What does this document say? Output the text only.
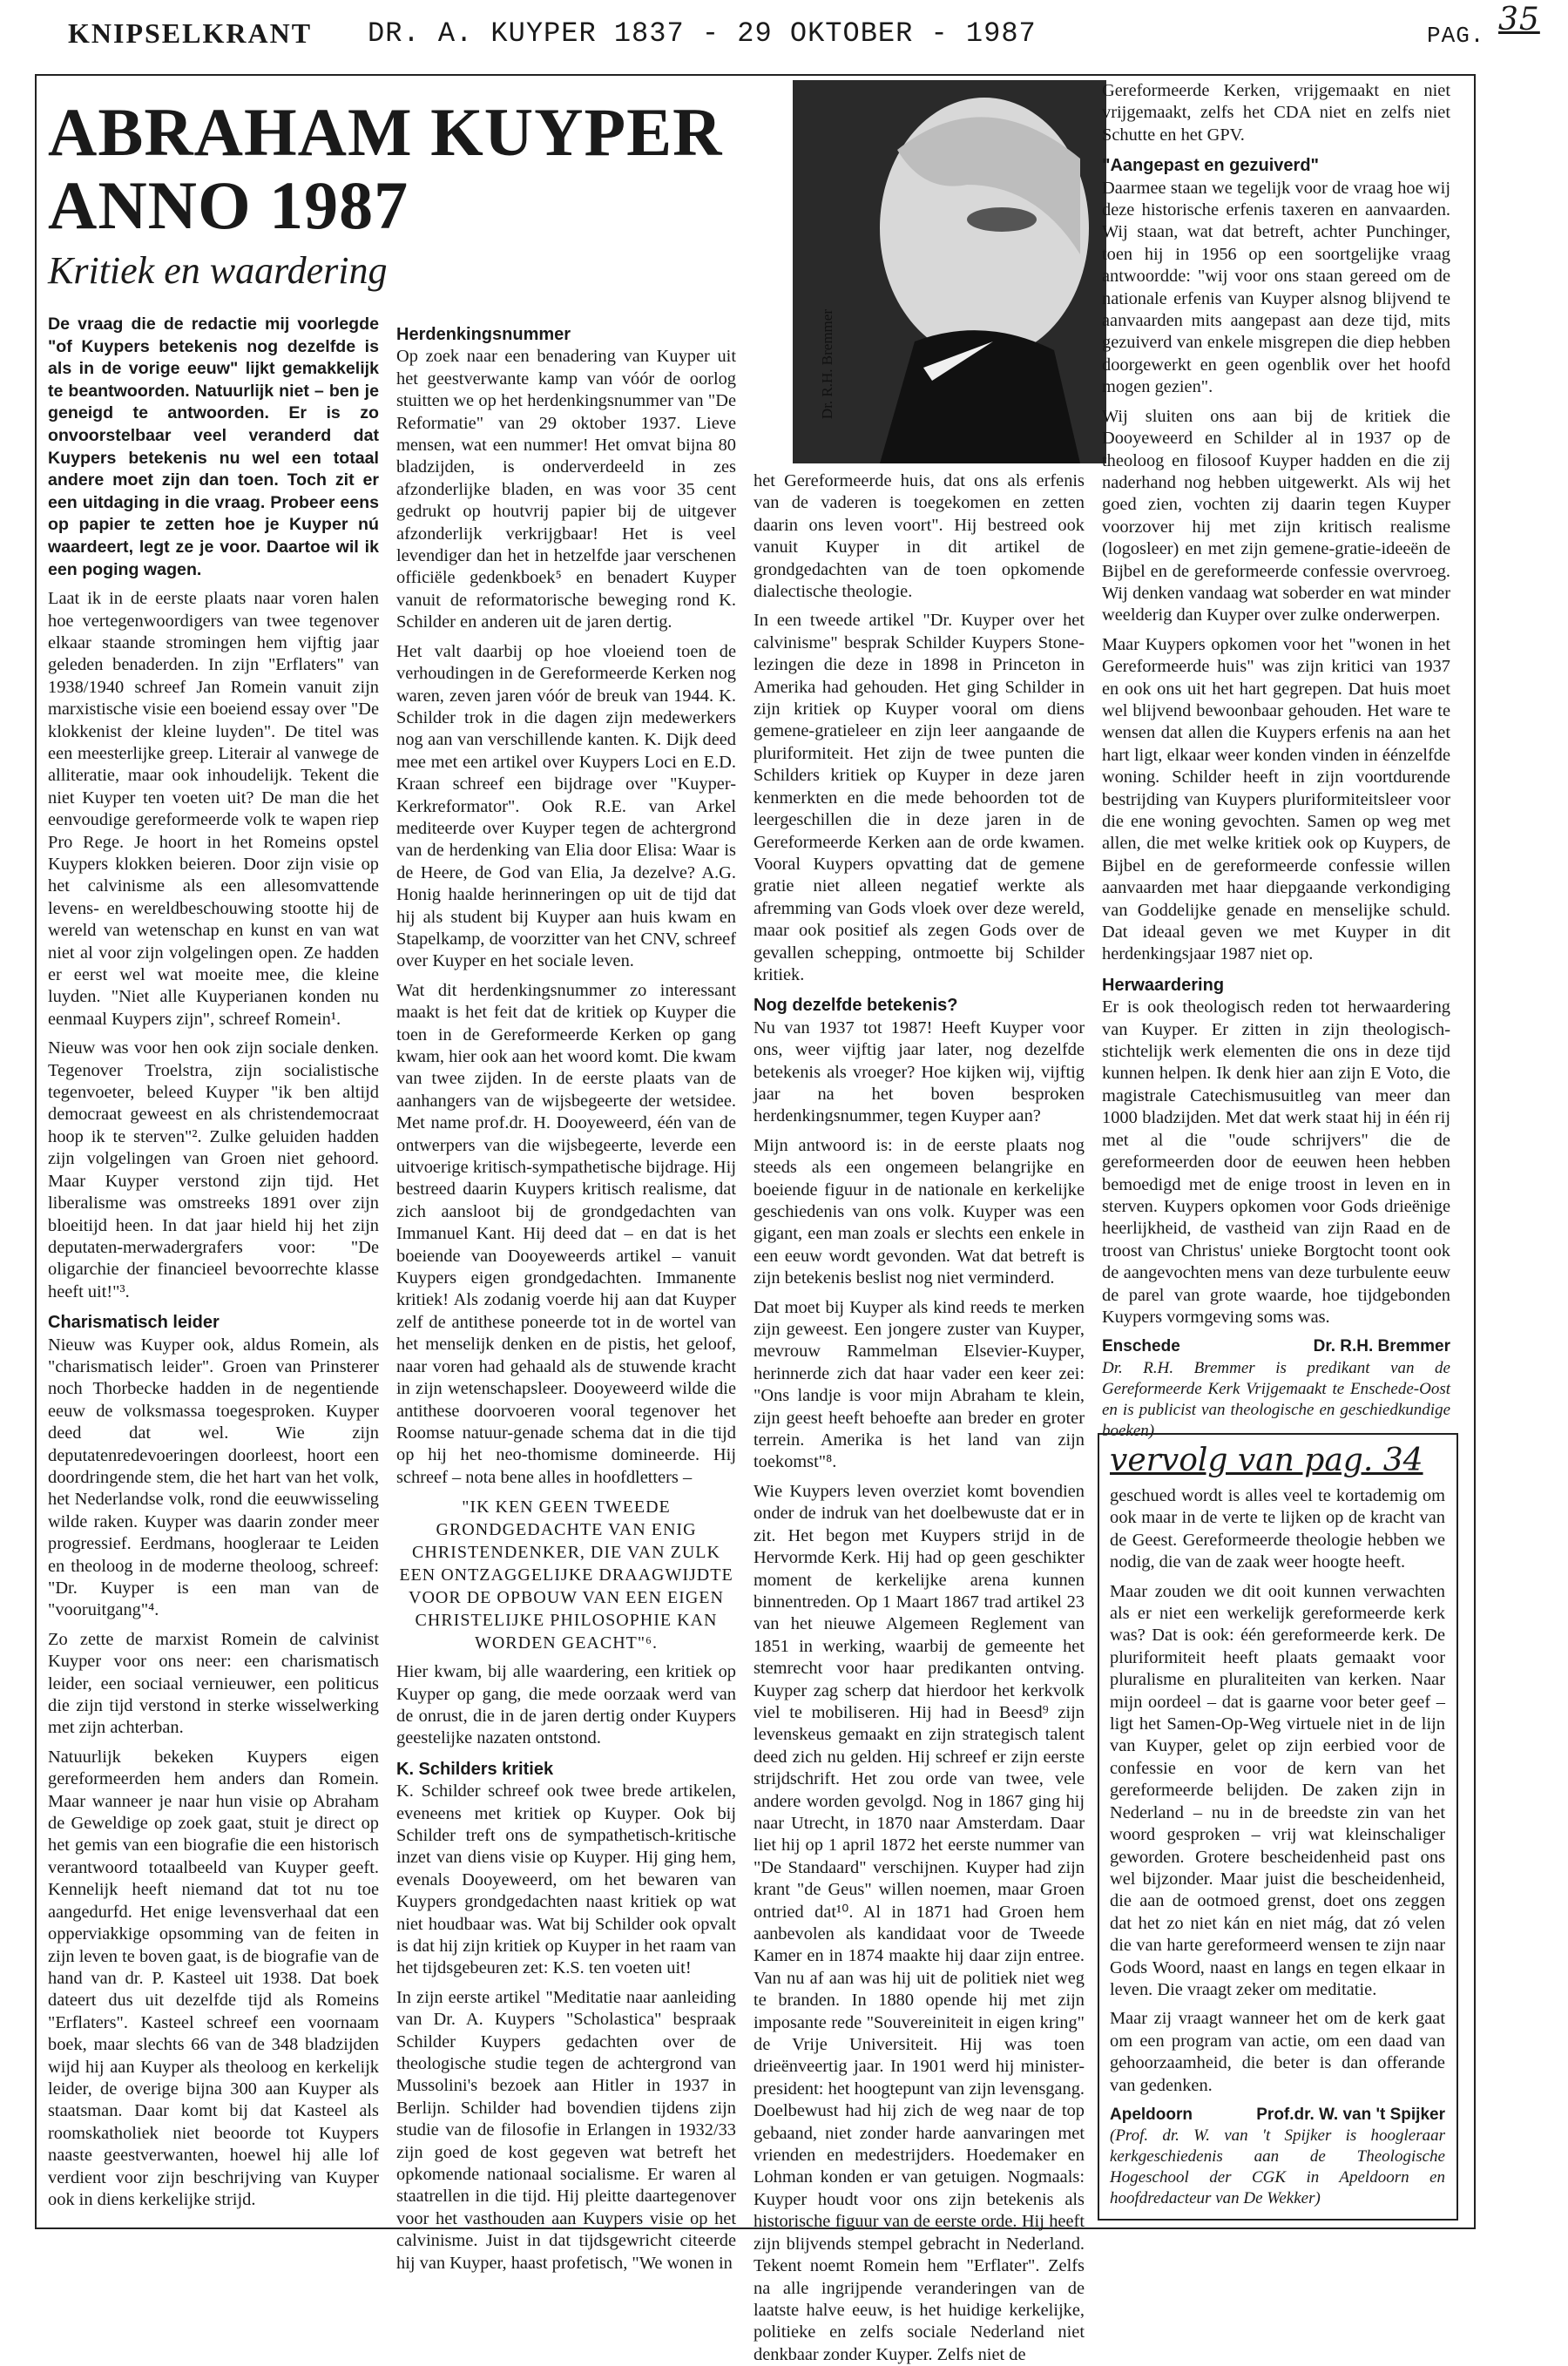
KNIPSELKRANT DR. A. KUYPER 1837 - 29 OKTOBER - 1987	PAG. 35
ABRAHAM KUYPER
ANNO 1987
Kritiek en waardering

De vraag die de redactie mij voorlegde "of Kuypers betekenis nog dezelfde is als in de vorige eeuw" lijkt gemakkelijk te beantwoorden. Natuurlijk niet – ben je geneigd te antwoorden. Er is zo onvoorstelbaar veel veranderd dat Kuypers betekenis nu wel een totaal andere moet zijn dan toen. Toch zit er een uitdaging in die vraag. Probeer eens op papier te zetten hoe je Kuyper nú waardeert, legt ze je voor. Daartoe wil ik een poging wagen.

Laat ik in de eerste plaats naar voren halen hoe vertegenwoordigers van twee tegenover elkaar staande stromingen hem vijftig jaar geleden benaderden. In zijn "Erflaters" van 1938/1940 schreef Jan Romein vanuit zijn marxistische visie een boeiend essay over "De klokkenist der kleine luyden". De titel was een meesterlijke greep. Literair al vanwege de alliteratie, maar ook inhoudelijk. Tekent die niet Kuyper ten voeten uit? De man die het eenvoudige gereformeerde volk te wapen riep Pro Rege. Je hoort in het Romeins opstel Kuypers klokken beieren. Door zijn visie op het calvinisme als een allesomvattende levens- en wereldbeschouwing stootte hij de wereld van wetenschap en kunst en van wat niet al voor zijn volgelingen open. Ze hadden er eerst wel wat moeite mee, die kleine luyden. "Niet alle Kuyperianen konden nu eenmaal Kuypers zijn", schreef Romein¹.

Nieuw was voor hen ook zijn sociale denken. Tegenover Troelstra, zijn socialistische tegenvoeter, beleed Kuyper "ik ben altijd democraat geweest en als christendemocraat hoop ik te sterven"². Zulke geluiden hadden zijn volgelingen van Groen niet gehoord. Maar Kuyper verstond zijn tijd. Het liberalisme was omstreeks 1891 over zijn bloeitijd heen. In dat jaar hield hij het zijn deputaten-merwadergrafers voor: "De oligarchie der financieel bevoorrechte klasse heeft uit!"³.

Charismatisch leider

Nieuw was Kuyper ook, aldus Romein, als "charismatisch leider". Groen van Prinsterer noch Thorbecke hadden in de negentiende eeuw de volksmassa toegesproken. Kuyper deed dat wel. Wie zijn deputatenredevoeringen doorleest, hoort een doordringende stem, die het hart van het volk, het Nederlandse volk, rond die eeuwwisseling wilde raken. Kuyper was daarin zonder meer progressief. Eerdmans, hoogleraar te Leiden en theoloog in de moderne theoloog, schreef: "Dr. Kuyper is een man van de "vooruitgang"⁴.

Zo zette de marxist Romein de calvinist Kuyper voor ons neer: een charismatisch leider, een sociaal vernieuwer, een politicus die zijn tijd verstond in sterke wisselwerking met zijn achterban.

Natuurlijk bekeken Kuypers eigen gereformeerden hem anders dan Romein. Maar wanneer je naar hun visie op Abraham de Geweldige op zoek gaat, stuit je direct op het gemis van een biografie die een historisch verantwoord totaalbeeld van Kuyper geeft. Kennelijk heeft niemand dat tot nu toe aangedurfd. Het enige levensverhaal dat een opperviakkige opsomming van de feiten in zijn leven te boven gaat, is de biografie van de hand van dr. P. Kasteel uit 1938. Dat boek dateert dus uit dezelfde tijd als Romeins "Erflaters". Kasteel schreef een voornaam boek, maar slechts 66 van de 348 bladzijden wijd hij aan Kuyper als theoloog en kerkelijk leider, de overige bijna 300 aan Kuyper als staatsman. Daar komt bij dat Kasteel als roomskatholiek niet beoorde tot Kuypers naaste geestverwanten, hoewel hij alle lof verdient voor zijn beschrijving van Kuyper ook in diens kerkelijke strijd.

Herdenkingsnummer

Op zoek naar een benadering van Kuyper uit het geestverwante kamp van vóór de oorlog stuitten we op het herdenkingsnummer van "De Reformatie" van 29 oktober 1937. Lieve mensen, wat een nummer! Het omvat bijna 80 bladzijden, is onderverdeeld in zes afzonderlijke bladen, en was voor 35 cent gedrukt op houtvrij papier bij de uitgever afzonderlijk verkrijgbaar! Het is veel levendiger dan het in hetzelfde jaar verschenen officiële gedenkboek⁵ en benadert Kuyper vanuit de reformatorische beweging rond K. Schilder en anderen uit de jaren dertig.

Het valt daarbij op hoe vloeiend toen de verhoudingen in de Gereformeerde Kerken nog waren, zeven jaren vóór de breuk van 1944. K. Schilder trok in die dagen zijn medewerkers nog aan van verschillende kanten. K. Dijk deed mee met een artikel over Kuypers Loci en E.D. Kraan schreef een bijdrage over "Kuyper- Kerkreformator". Ook R.E. van Arkel mediteerde over Kuyper tegen de achtergrond van de herdenking van Elia door Elisa: Waar is de Heere, de God van Elia, Ja dezelve? A.G. Honig haalde herinneringen op uit de tijd dat hij als student bij Kuyper aan huis kwam en Stapelkamp, de voorzitter van het CNV, schreef over Kuyper en het sociale leven.

Wat dit herdenkingsnummer zo interessant maakt is het feit dat de kritiek op Kuyper die toen in de Gereformeerde Kerken op gang kwam, hier ook aan het woord komt. Die kwam van twee zijden. In de eerste plaats van de aanhangers van de wijsbegeerte der wetsidee. Met name prof.dr. H. Dooyeweerd, één van de ontwerpers van die wijsbegeerte, leverde een uitvoerige kritisch-sympathetische bijdrage. Hij bestreed daarin Kuypers kritisch realisme, dat zich aansloot bij de grondgedachten van Immanuel Kant. Hij deed dat – en dat is het boeiende van Dooyeweerds artikel – vanuit Kuypers eigen grondgedachten. Immanente kritiek! Als zodanig voerde hij aan dat Kuyper zelf de antithese poneerde tot in de wortel van het menselijk denken en de pistis, het geloof, naar voren had gehaald als de stuwende kracht in zijn wetenschapsleer. Dooyeweerd wilde die antithese doorvoeren vooral tegenover het Roomse natuur-genade schema dat in die tijd op hij het neo-thomisme domineerde. Hij schreef – nota bene alles in hoofdletters –

"IK KEN GEEN TWEEDE GRONDGEDACHTE VAN ENIG CHRISTENDENKER, DIE VAN ZULK EEN ONTZAGGELIJKE DRAAGWIJDTE VOOR DE OPBOUW VAN EEN EIGEN CHRISTELIJKE PHILOSOPHIE KAN WORDEN GEACHT"⁶.

Hier kwam, bij alle waardering, een kritiek op Kuyper op gang, die mede oorzaak werd van de onrust, die in de jaren dertig onder Kuypers geestelijke nazaten ontstond.

K. Schilders kritiek

K. Schilder schreef ook twee brede artikelen, eveneens met kritiek op Kuyper. Ook bij Schilder treft ons de sympathetisch-kritische inzet van diens visie op Kuyper. Hij ging hem, evenals Dooyeweerd, om het bewaren van Kuypers grondgedachten naast kritiek op wat niet houdbaar was. Wat bij Schilder ook opvalt is dat hij zijn kritiek op Kuyper in het raam van het tijdsgebeuren zet: K.S. ten voeten uit!

In zijn eerste artikel "Meditatie naar aanleiding van Dr. A. Kuypers "Scholastica" bespraak Schilder Kuypers gedachten over de theologische studie tegen de achtergrond van Mussolini's bezoek aan Hitler in 1937 in Berlijn. Schilder had bovendien tijdens zijn studie van de filosofie in Erlangen in 1932/33 zijn goed de kost gegeven wat betreft het opkomende nationaal socialisme. Er waren al staatrellen in die tijd. Hij pleitte daartegenover voor het vasthouden aan Kuypers visie op het calvinisme. Juist in dat tijdsgewricht citeerde hij van Kuyper, haast profetisch, "We wonen in

Dr. R.H. Bremmer

het Gereformeerde huis, dat ons als erfenis van de vaderen is toegekomen en zetten daarin ons leven voort". Hij bestreed ook vanuit Kuyper in dit artikel de grondgedachten van de toen opkomende dialectische theologie.

In een tweede artikel "Dr. Kuyper over het calvinisme" besprak Schilder Kuypers Stone-lezingen die deze in 1898 in Princeton in Amerika had gehouden. Het ging Schilder in zijn kritiek op Kuyper vooral om diens gemene-gratieleer en zijn leer aangaande de pluriformiteit. Het zijn de twee punten die Schilders kritiek op Kuyper in deze jaren kenmerkten en die mede behoorden tot de leergeschillen die in deze jaren in de Gereformeerde Kerken aan de orde kwamen. Vooral Kuypers opvatting dat de gemene gratie niet alleen negatief werkte als afremming van Gods vloek over deze wereld, maar ook positief als zegen Gods over de gevallen schepping, ontmoette bij Schilder kritiek.

Nog dezelfde betekenis?

Nu van 1937 tot 1987! Heeft Kuyper voor ons, weer vijftig jaar later, nog dezelfde betekenis als vroeger? Hoe kijken wij, vijftig jaar na het boven besproken herdenkingsnummer, tegen Kuyper aan?

Mijn antwoord is: in de eerste plaats nog steeds als een ongemeen belangrijke en boeiende figuur in de nationale en kerkelijke geschiedenis van ons volk. Kuyper was een gigant, een man zoals er slechts een enkele in een eeuw wordt gevonden. Wat dat betreft is zijn betekenis beslist nog niet verminderd.

Dat moet bij Kuyper als kind reeds te merken zijn geweest. Een jongere zuster van Kuyper, mevrouw Rammelman Elsevier-Kuyper, herinnerde zich dat haar vader een keer zei: "Ons landje is voor mijn Abraham te klein, zijn geest heeft behoefte aan breder en groter terrein. Amerika is het land van zijn toekomst"⁸.

Wie Kuypers leven overziet komt bovendien onder de indruk van het doelbewuste dat er in zit. Het begon met Kuypers strijd in de Hervormde Kerk. Hij had op geen geschikter moment de kerkelijke arena kunnen binnentreden. Op 1 Maart 1867 trad artikel 23 van het nieuwe Algemeen Reglement van 1851 in werking, waarbij de gemeente het stemrecht voor haar predikanten ontving. Kuyper zag scherp dat hierdoor het kerkvolk viel te mobiliseren. Hij had in Beesd⁹ zijn levenskeus gemaakt en zijn strategisch talent deed zich nu gelden. Hij schreef er zijn eerste strijdschrift. Het zou orde van twee, vele andere worden gevolgd. Nog in 1867 ging hij naar Utrecht, in 1870 naar Amsterdam. Daar liet hij op 1 april 1872 het eerste nummer van "De Standaard" verschijnen. Kuyper had zijn krant "de Geus" willen noemen, maar Groen ontried dat¹⁰. Al in 1871 had Groen hem aanbevolen als kandidaat voor de Tweede Kamer en in 1874 maakte hij daar zijn entree. Van nu af aan was hij uit de politiek niet weg te branden. In 1880 opende hij met zijn imposante rede "Souvereiniteit in eigen kring" de Vrije Universiteit. Hij was toen drieënveertig jaar. In 1901 werd hij minister-president: het hoogtepunt van zijn levensgang. Doelbewust had hij zich de weg naar de top gebaand, niet zonder harde aanvaringen met vrienden en medestrijders. Hoedemaker en Lohman konden er van getuigen. Nogmaals: Kuyper houdt voor ons zijn betekenis als historische figuur van de eerste orde. Hij heeft zijn blijvends stempel gebracht in Nederland. Tekent noemt Romein hem "Erflater". Zelfs na alle ingrijpende veranderingen van de laatste halve eeuw, is het huidige kerkelijke, politieke en zelfs sociale Nederland niet denkbaar zonder Kuyper. Zelfs niet de

Gereformeerde Kerken, vrijgemaakt en niet vrijgemaakt, zelfs het CDA niet en zelfs niet Schutte en het GPV.

"Aangepast en gezuiverd"

Daarmee staan we tegelijk voor de vraag hoe wij deze historische erfenis taxeren en aanvaarden. Wij staan, wat dat betreft, achter Punchinger, toen hij in 1956 op een soortgelijke vraag antwoordde: "wij voor ons staan gereed om de nationale erfenis van Kuyper alsnog blijvend te aanvaarden mits aangepast aan deze tijd, mits gezuiverd van enkele misgrepen die diep hebben doorgewerkt en geen ogenblik over het hoofd mogen gezien".

Wij sluiten ons aan bij de kritiek die Dooyeweerd en Schilder al in 1937 op de theoloog en filosoof Kuyper hadden en die zij naderhand nog hebben uitgewerkt. Als wij het goed zien, vochten zij daarin tegen Kuyper voorzover hij met zijn kritisch realisme (logosleer) en met zijn gemene-gratie-ideeën de Bijbel en de gereformeerde confessie overvroeg. Wij denken vandaag wat soberder en wat minder weelderig dan Kuyper over zulke onderwerpen.

Maar Kuypers opkomen voor het "wonen in het Gereformeerde huis" was zijn kritici van 1937 en ook ons uit het hart gegrepen. Dat huis moet wel blijvend bewoonbaar gehouden. Het ware te wensen dat allen die Kuypers erfenis na aan het hart ligt, elkaar weer konden vinden in éénzelfde woning. Schilder heeft in zijn voortdurende bestrijding van Kuypers pluriformiteitsleer voor die ene woning gevochten. Samen op weg met allen, die met welke kritiek ook op Kuypers, de Bijbel en de gereformeerde confessie willen aanvaarden met haar diepgaande verkondiging van Goddelijke genade en menselijke schuld. Dat ideaal geven we met Kuyper in dit herdenkingsjaar 1987 niet op.

Herwaardering

Er is ook theologisch reden tot herwaardering van Kuyper. Er zitten in zijn theologisch-stichtelijk werk elementen die ons in deze tijd kunnen helpen. Ik denk hier aan zijn E Voto, die magistrale Catechismusuitleg van meer dan 1000 bladzijden. Met dat werk staat hij in één rij met al die "oude schrijvers" die de gereformeerden door de eeuwen heen hebben bemoedigd met de enige troost in leven en in sterven. Kuypers opkomen voor Gods drieënige heerlijkheid, de vastheid van zijn Raad en de troost van Christus' unieke Borgtocht toont ook de aangevochten mens van deze turbulente eeuw de parel van grote waarde, hoe tijdgebonden Kuypers vormgeving soms was.

Enschede	Dr. R.H. Bremmer

Dr. R.H. Bremmer is predikant van de Gereformeerde Kerk Vrijgemaakt te Enschede-Oost en is publicist van theologische en geschiedkundige boeken)

vervolg van pag. 34

geschued wordt is alles veel te kortademig om ook maar in de verte te lijken op de kracht van de Geest. Gereformeerde theologie hebben we nodig, die van de zaak weer hoogte heeft.

Maar zouden we dit ooit kunnen verwachten als er niet een werkelijk gereformeerde kerk was? Dat is ook: één gereformeerde kerk. De pluriformiteit heeft plaats gemaakt voor pluralisme en pluraliteiten van kerken. Naar mijn oordeel – dat is gaarne voor beter geef – ligt het Samen-Op-Weg virtuele niet in de lijn van Kuyper, gelet op zijn eerbied voor de confessie en voor de kern van het gereformeerde belijden. De zaken zijn in Nederland – nu in de breedste zin van het woord gesproken – vrij wat kleinschaliger geworden. Grotere bescheidenheid past ons wel bijzonder. Maar juist die bescheidenheid, die aan de ootmoed grenst, doet ons zeggen dat het zo niet kán en niet mág, dat zó velen die van harte gereformeerd wensen te zijn naar Gods Woord, naast en langs en tegen elkaar in leven. Die vraagt zeker om meditatie.

Maar zij vraagt wanneer het om de kerk gaat om een program van actie, om een daad van gehoorzaamheid, die beter is dan offerande van gedenken.

Apeldoorn	Prof.dr. W. van 't Spijker

(Prof. dr. W. van 't Spijker is hoogleraar kerkgeschiedenis aan de Theologische Hogeschool der CGK in Apeldoorn en hoofdredacteur van De Wekker)
